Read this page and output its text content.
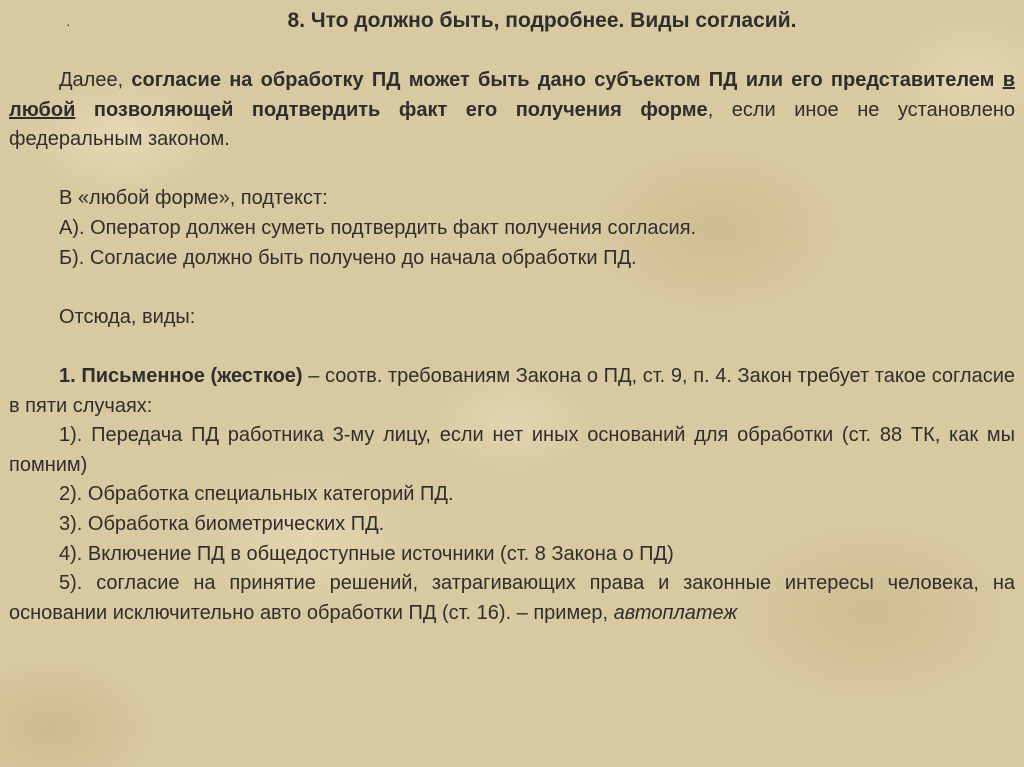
·	8. Что должно быть, подробнее. Виды согласий.

Далее, согласие на обработку ПД может быть дано субъектом ПД или его представителем в любой позволяющей подтвердить факт его получения форме, если иное не установлено федеральным законом.

В «любой форме», подтекст:

А). Оператор должен суметь подтвердить факт получения согласия.

Б). Согласие должно быть получено до начала обработки ПД.

Отсюда, виды:

1. Письменное (жесткое) – соотв. требованиям Закона о ПД, ст. 9, п. 4. Закон требует такое согласие в пяти случаях:

1). Передача ПД работника 3-му лицу, если нет иных оснований для обработки (ст. 88 ТК, как мы помним)

2). Обработка специальных категорий ПД.

3). Обработка биометрических ПД.

4). Включение ПД в общедоступные источники (ст. 8 Закона о ПД)

5). согласие на принятие решений, затрагивающих права и законные интересы человека, на основании исключительно авто обработки ПД (ст. 16). – пример, автоплатеж
